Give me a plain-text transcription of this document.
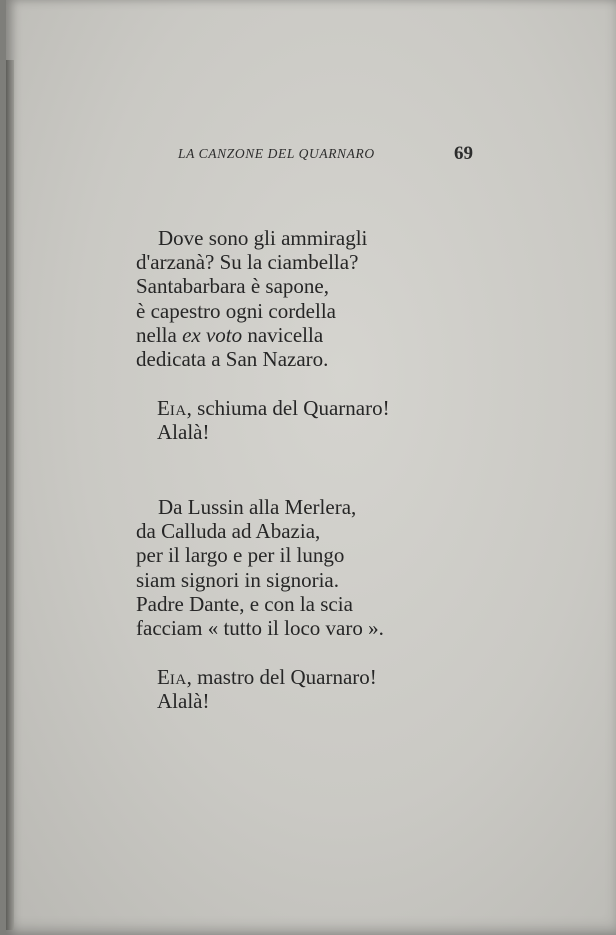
LA CANZONE DEL QUARNARO	69
Dove sono gli ammiragli
d'arzanà? Su la ciambella?
Santabarbara è sapone,
è capestro ogni cordella
nella ex voto navicella
dedicata a San Nazaro.
EIA, schiuma del Quarnaro!
Alalà!
Da Lussin alla Merlera,
da Calluda ad Abazia,
per il largo e per il lungo
siam signori in signoria.
Padre Dante, e con la scia
facciam « tutto il loco varo ».
EIA, mastro del Quarnaro!
Alalà!
